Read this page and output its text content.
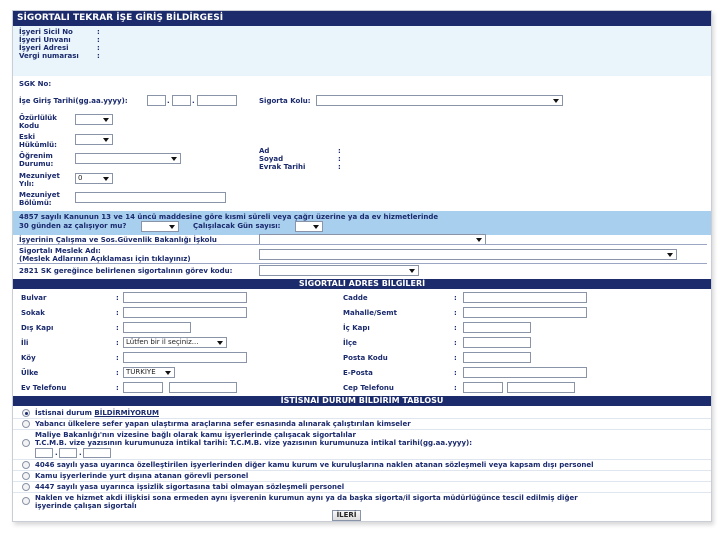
SİGORTALI TEKRAR İŞE GİRİŞ BİLDİRGESİ
İşyeri Sicil No	:
İşyeri Unvanı	:
İşyeri Adresi	:
Vergi numarası	:
SGK No:
İşe Giriş Tarihi(gg.aa.yyyy):	.	.	Sigorta Kolu:
Özürlülük
Kodu
Eski
Hükümlü:
Öğrenim
Durumu:
Mezuniyet
Yılı:
0
Mezuniyet
Bölümü:
Ad	:
Soyad	:
Evrak Tarihi	:
4857 sayılı Kanunun 13 ve 14 üncü maddesine göre kısmi süreli veya çağrı üzerine ya da ev hizmetlerinde
30 günden az çalışıyor mu?	Çalışılacak Gün sayısı:
İşyerinin Çalışma ve Sos.Güvenlik Bakanlığı İşkolu
Sigortalı Meslek Adı:
(Meslek Adlarının Açıklaması için tıklayınız)
2821 SK gereğince belirlenen sigortalının görev kodu:
SİGORTALI ADRES BİLGİLERİ
Bulvar	:	Cadde	:
Sokak	:	Mahalle/Semt	:
Dış Kapı	:	İç Kapı	:
İli	:	Lütfen bir il seçiniz...	İlçe	:
Köy	:	Posta Kodu	:
Ülke	:	TÜRKİYE	E-Posta	:
Ev Telefonu	:	Cep Telefonu	:
İSTİSNAİ DURUM BİLDİRİM TABLOSU
İstisnai durum BİLDİRMİYORUM
Yabancı ülkelere sefer yapan ulaştırma araçlarına sefer esnasında alınarak çalıştırılan kimseler
Maliye Bakanlığı'nın vizesine bağlı olarak kamu işyerlerinde çalışacak sigortalılar
T.C.M.B. vize yazısının kurumunuza intikal tarihi: T.C.M.B. vize yazısının kurumunuza intikal tarihi(gg.aa.yyyy):
.	.
4046 sayılı yasa uyarınca özelleştirilen işyerlerinden diğer kamu kurum ve kuruluşlarına naklen atanan sözleşmeli veya kapsam dışı personel
Kamu işyerlerinde yurt dışına atanan görevli personel
4447 sayılı yasa uyarınca işsizlik sigortasına tabi olmayan sözleşmeli personel
Naklen ve hizmet akdi ilişkisi sona ermeden aynı işverenin kurumun aynı ya da başka sigorta/il sigorta müdürlüğünce tescil edilmiş diğer
işyerinde çalışan sigortalı
İLERİ
